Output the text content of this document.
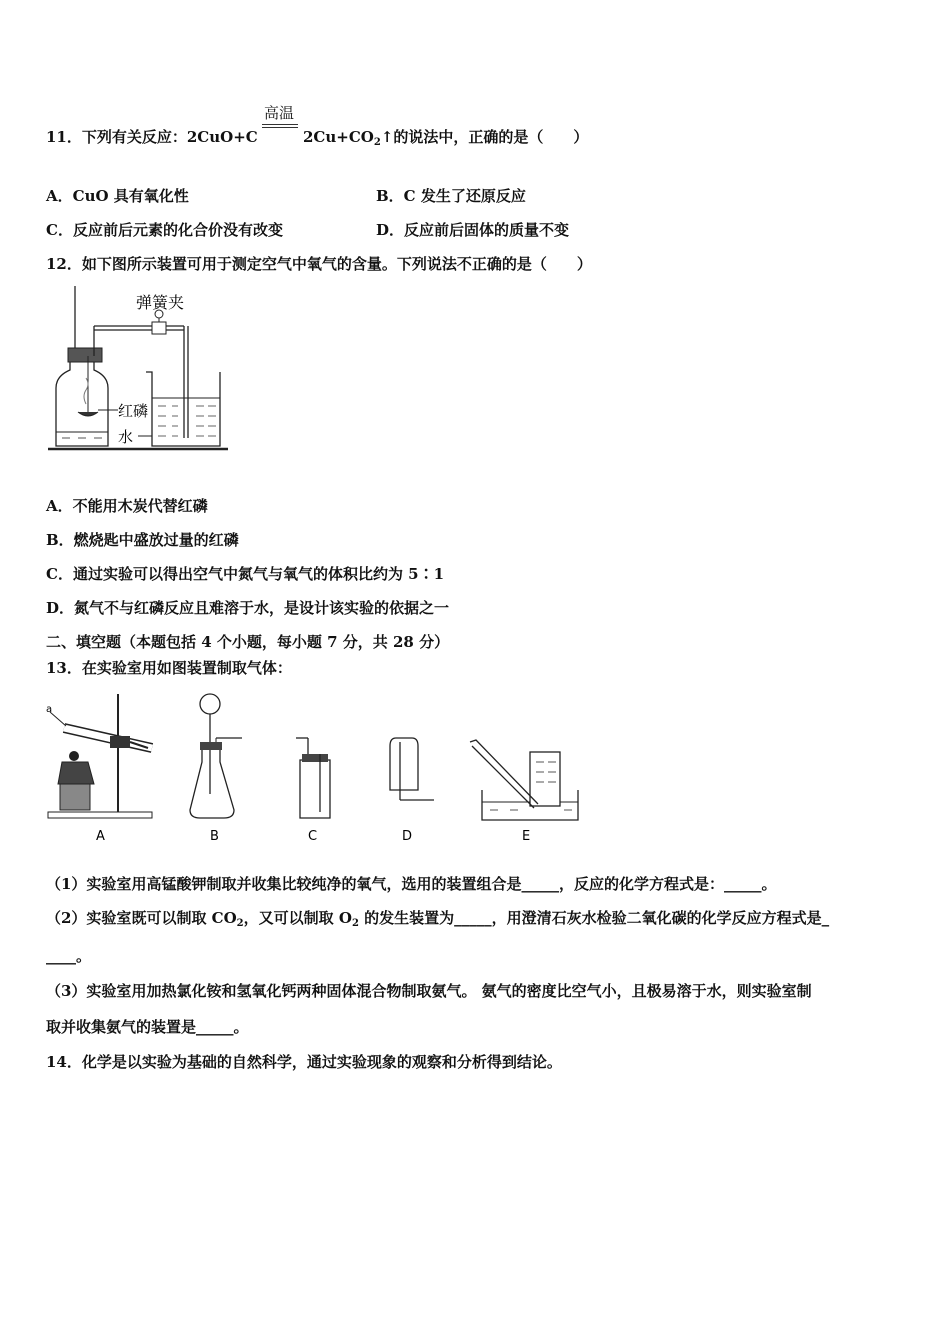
高温
11．下列有关反应：2CuO+C	$2Cu+CO_2↑$的说法中，正确的是（　　）
A．CuO 具有氧化性	B．C 发生了还原反应
C．反应前后元素的化合价没有改变	D．反应前后固体的质量不变
12．如下图所示装置可用于测定空气中氧气的含量。下列说法不正确的是（　　）
弹簧夹
红磷
水
A．不能用木炭代替红磷
B．燃烧匙中盛放过量的红磷
C．通过实验可以得出空气中氮气与氧气的体积比约为 5∶1
D．氮气不与红磷反应且难溶于水，是设计该实验的依据之一
二、填空题（本题包括 4 个小题，每小题 7 分，共 28 分）
13．在实验室用如图装置制取气体：
a
A	B	C	D	E
（1）实验室用高锰酸钾制取并收集比较纯净的氧气，选用的装置组合是_____，反应的化学方程式是：_____。
（2）实验室既可以制取 $CO_2$，又可以制取 $O_2$ 的发生装置为_____，用澄清石灰水检验二氧化碳的化学反应方程式是_
____。
（3）实验室用加热氯化铵和氢氧化钙两种固体混合物制取氨气。 氨气的密度比空气小，且极易溶于水，则实验室制
取并收集氨气的装置是_____。
14．化学是以实验为基础的自然科学，通过实验现象的观察和分析得到结论。
